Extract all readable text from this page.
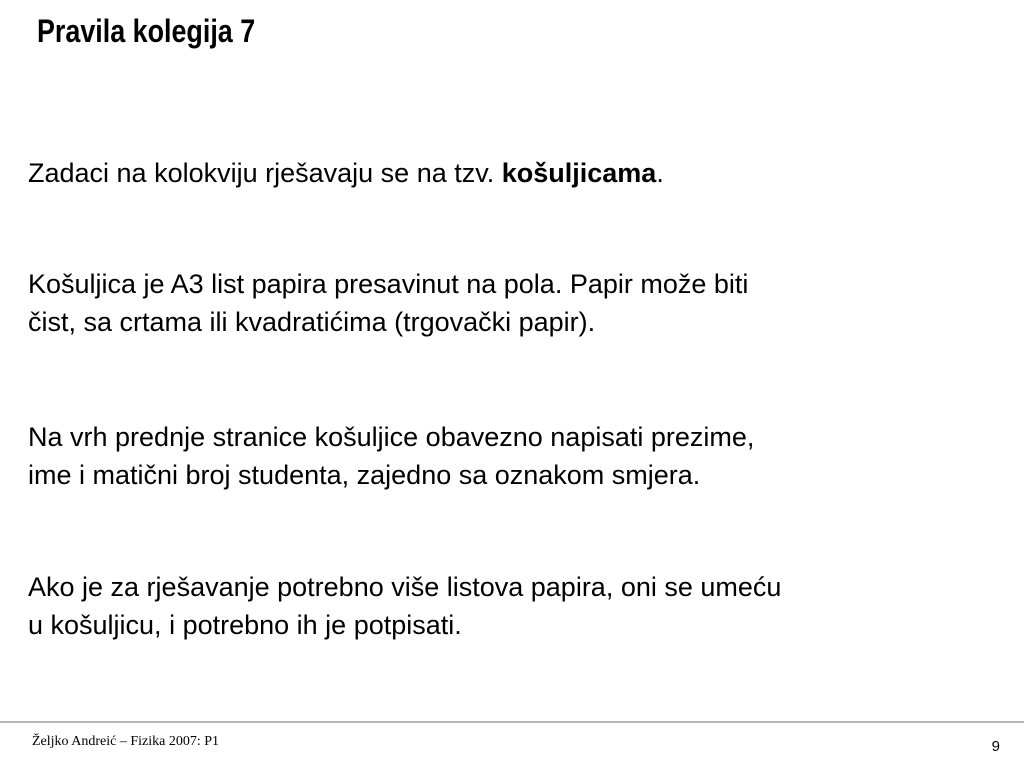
Pravila kolegija 7

Zadaci na kolokviju rješavaju se na tzv. košuljicama.

Košuljica je A3 list papira presavinut na pola. Papir može biti
čist, sa crtama ili kvadratićima (trgovački papir).

Na vrh prednje stranice košuljice obavezno napisati prezime,
ime i matični broj studenta, zajedno sa oznakom smjera.

Ako je za rješavanje potrebno više listova papira, oni se umeću
u košuljicu, i potrebno ih je potpisati.

Željko Andreić – Fizika 2007: P1	9
